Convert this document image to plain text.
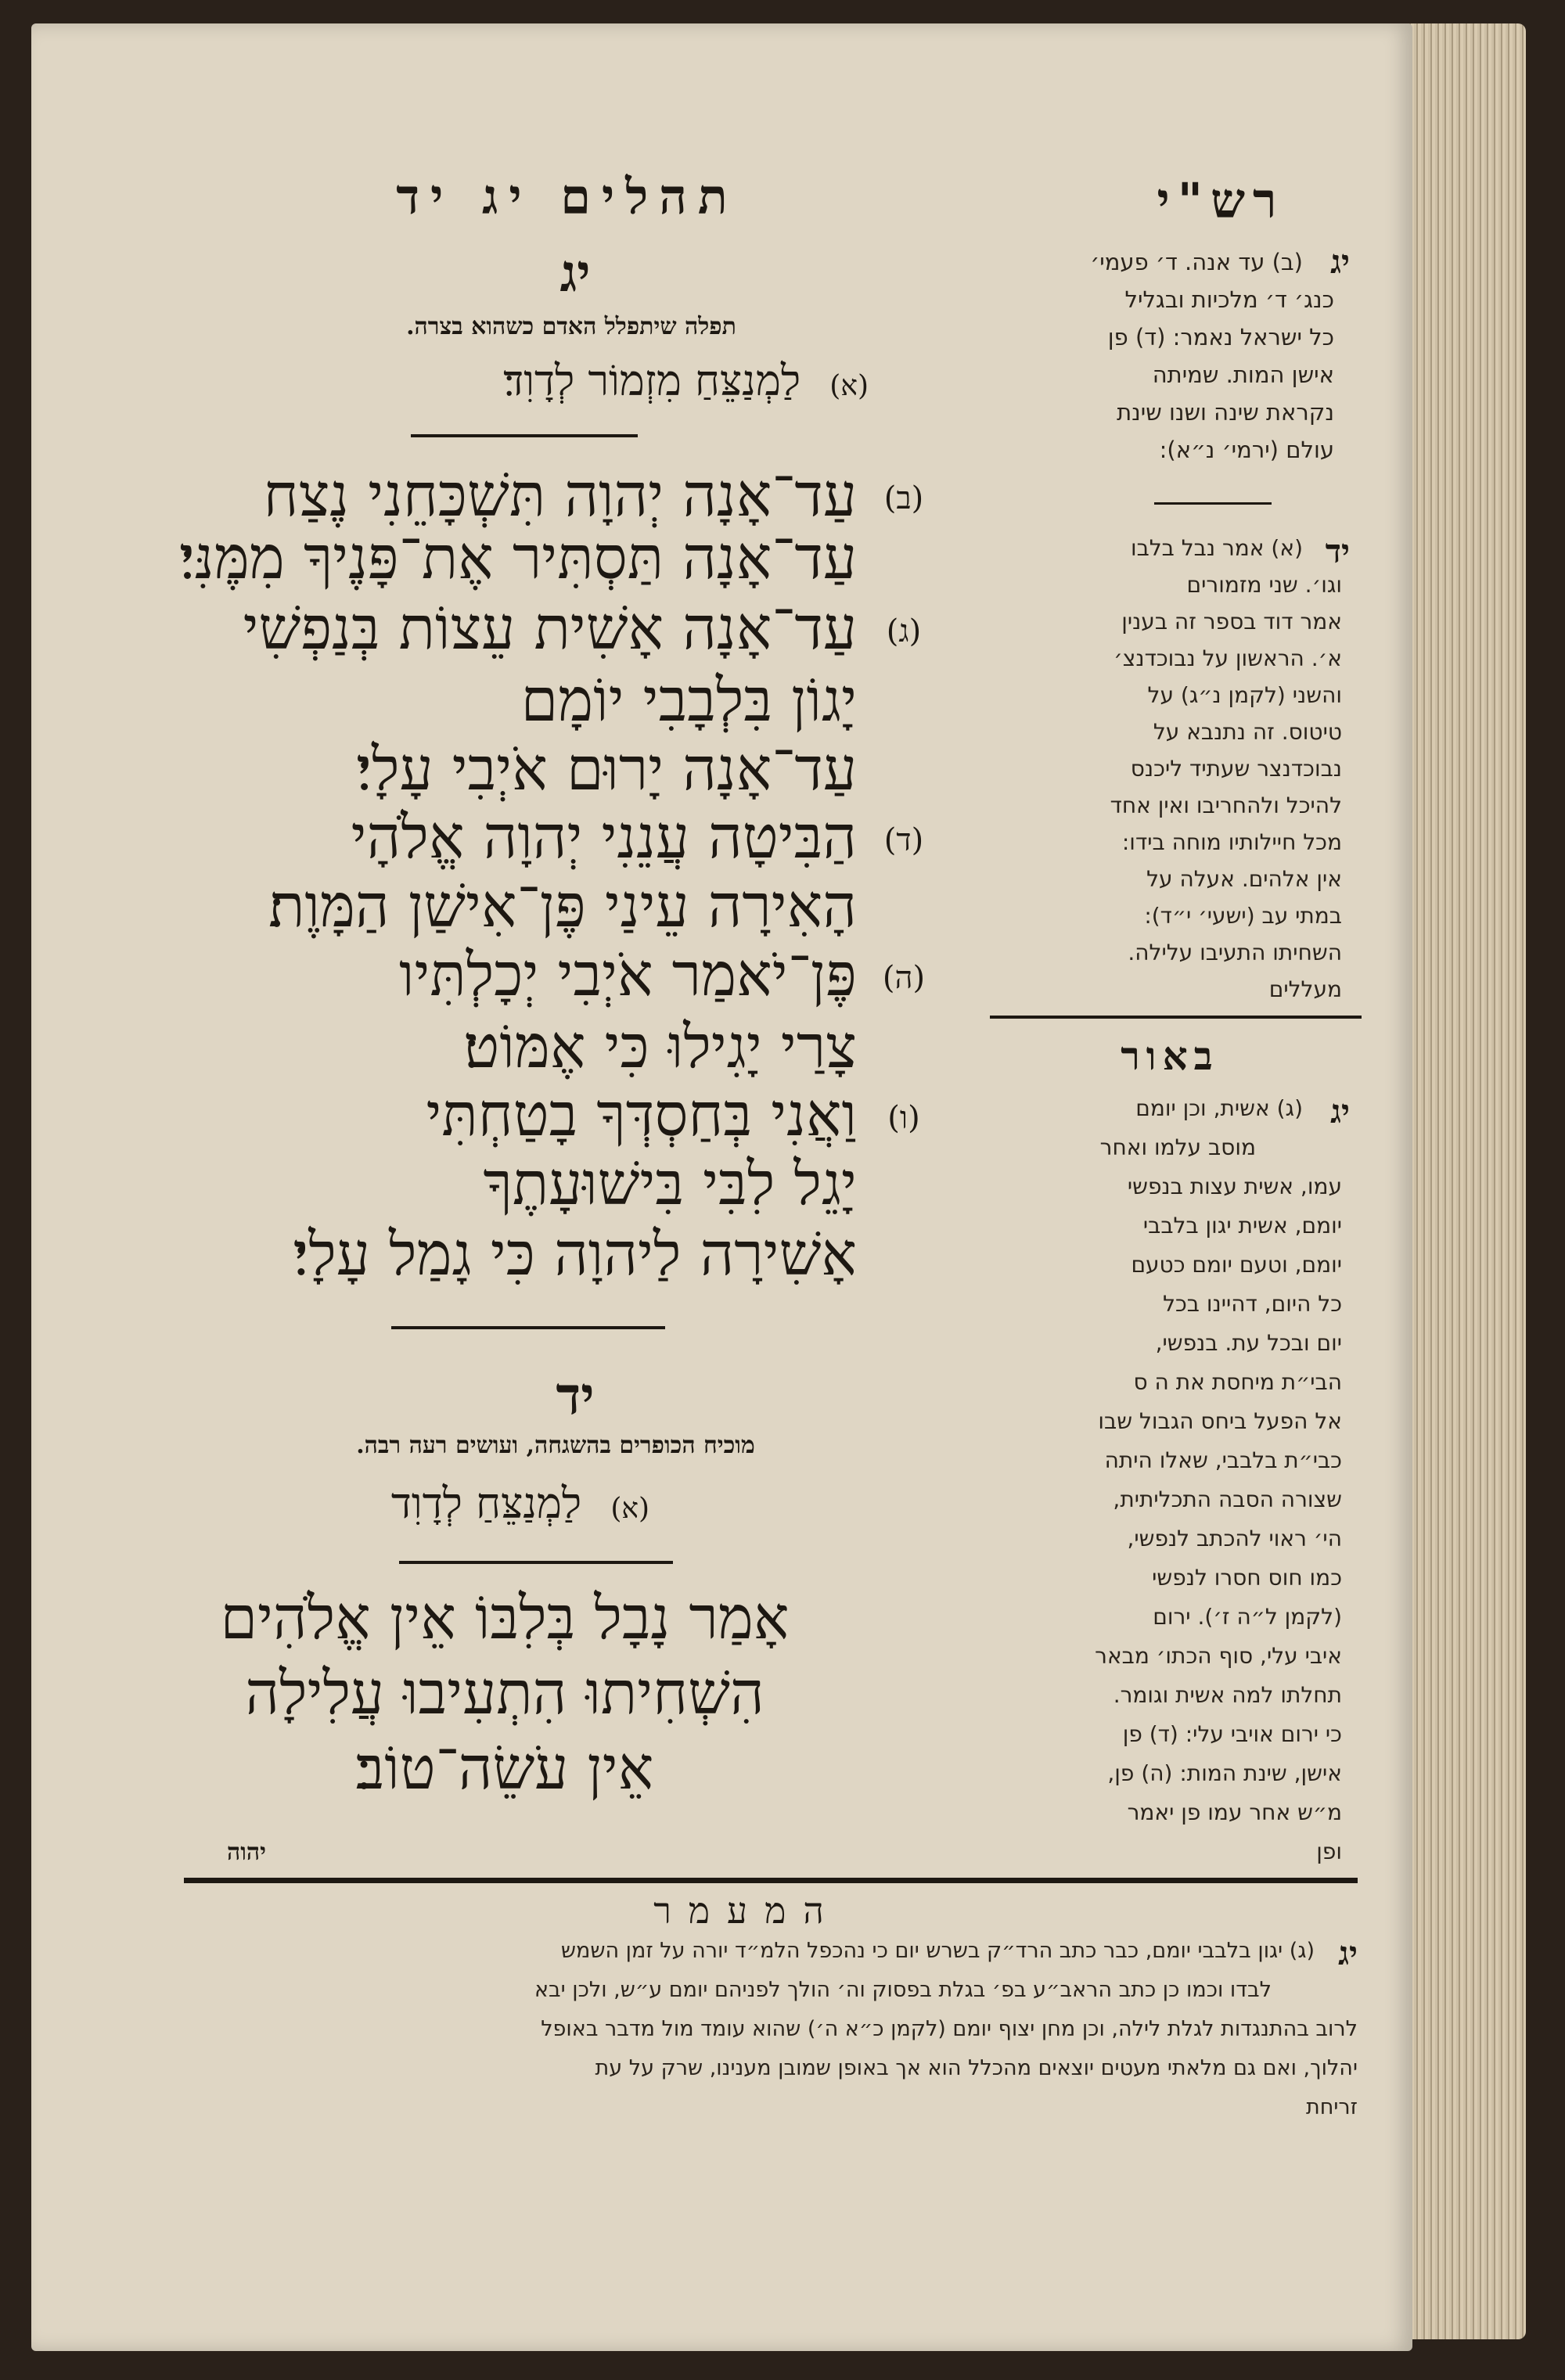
תהלים יג יד	רש"י
יג
תפלה שיתפלל האדם כשהוא בצרה.
(א) לַמְנַצֵּחַ מִזְמוֹר לְדָוִד׃
(ב)
עַד־אָנָה יְהוָה תִּשְׁכָּחֵנִי נֶצַח
עַד־אָנָה תַּסְתִּיר אֶת־פָּנֶיךָ מִמֶּנִּי׃
(ג)
עַד־אָנָה אָשִׁית עֵצוֹת בְּנַפְשִׁי
יָגוֹן בִּלְבָבִי יוֹמָם
עַד־אָנָה יָרוּם אֹיְבִי עָלָי׃
(ד)
הַבִּיטָה עֲנֵנִי יְהוָה אֱלֹהָי
הָאִירָה עֵינַי פֶּן־אִישַׁן הַמָּוֶת׃
(ה)
פֶּן־יֹאמַר אֹיְבִי יְכָלְתִּיו
צָרַי יָגִילוּ כִּי אֶמּוֹט׃
(ו)
וַאֲנִי בְּחַסְדְּךָ בָטַחְתִּי
יָגֵל לִבִּי בִּישׁוּעָתֶךָ
אָשִׁירָה לַיהוָה כִּי גָמַל עָלָי׃
יד
מוכיח הכופרים בהשגחה, ועושים רעה רבה.
(א) לַמְנַצֵּחַ לְדָוִד
אָמַר נָבָל בְּלִבּוֹ אֵין אֱלֹהִים
הִשְׁחִיתוּ הִתְעִיבוּ עֲלִילָה
אֵין עֹשֵׂה־טוֹב׃
יהוה
יג
(ב) עד אנה. ד׳ פעמי׳
כנג׳ ד׳ מלכיות ובגליל
כל ישראל נאמר: (ד) פן
אישן המות. שמיתה
נקראת שינה ושנו שינת
עולם (ירמי׳ נ״א):
יד
(א) אמר נבל בלבו
וגו׳. שני מזמורים
אמר דוד בספר זה בענין
א׳. הראשון על נבוכדנצ׳
והשני (לקמן נ״ג) על
טיטוס. זה נתנבא על
נבוכדנצר שעתיד ליכנס
להיכל ולהחריבו ואין אחד
מכל חיילותיו מוחה בידו:
אין אלהים. אעלה על
במתי עב (ישעי׳ י״ד):
השחיתו התעיבו עלילה.
מעללים
באור
יג
(ג) אשית, וכן יומם
מוסב עלמו ואחר
עמו, אשית עצות בנפשי
יומם, אשית יגון בלבבי
יומם, וטעם יומם כטעם
כל היום, דהיינו בכל
יום ובכל עת. בנפשי,
הבי״ת מיחסת את ה ס
אל הפעל ביחס הגבול שבו
כבי״ת בלבבי, שאלו היתה
שצורה הסבה התכליתית,
הי׳ ראוי להכתב לנפשי,
כמו חוס חסרו לנפשי
(לקמן ל״ה ז׳). ירום
איבי עלי, סוף הכתו׳ מבאר
תחלתו למה אשית וגומר.
כי ירום אויבי עלי: (ד) פן
אישן, שינת המות: (ה) פן,
מ״ש אחר עמו פן יאמר
ופן
המעמר
יג
(ג) יגון בלבבי יומם, כבר כתב הרד״ק בשרש יום כי נהכפל הלמ״ד יורה על זמן השמש
לבדו וכמו כן כתב הראב״ע בפ׳ בגלת בפסוק וה׳ הולך לפניהם יומם ע״ש, ולכן יבא
לרוב בהתנגדות לגלת לילה, וכן מחן יצוף יומם (לקמן כ״א ה׳) שהוא עומד מול מדבר באופל
יהלוך, ואם גם מלאתי מעטים יוצאים מהכלל הוא אך באופן שמובן מענינו, שרק על עת
זריחת
